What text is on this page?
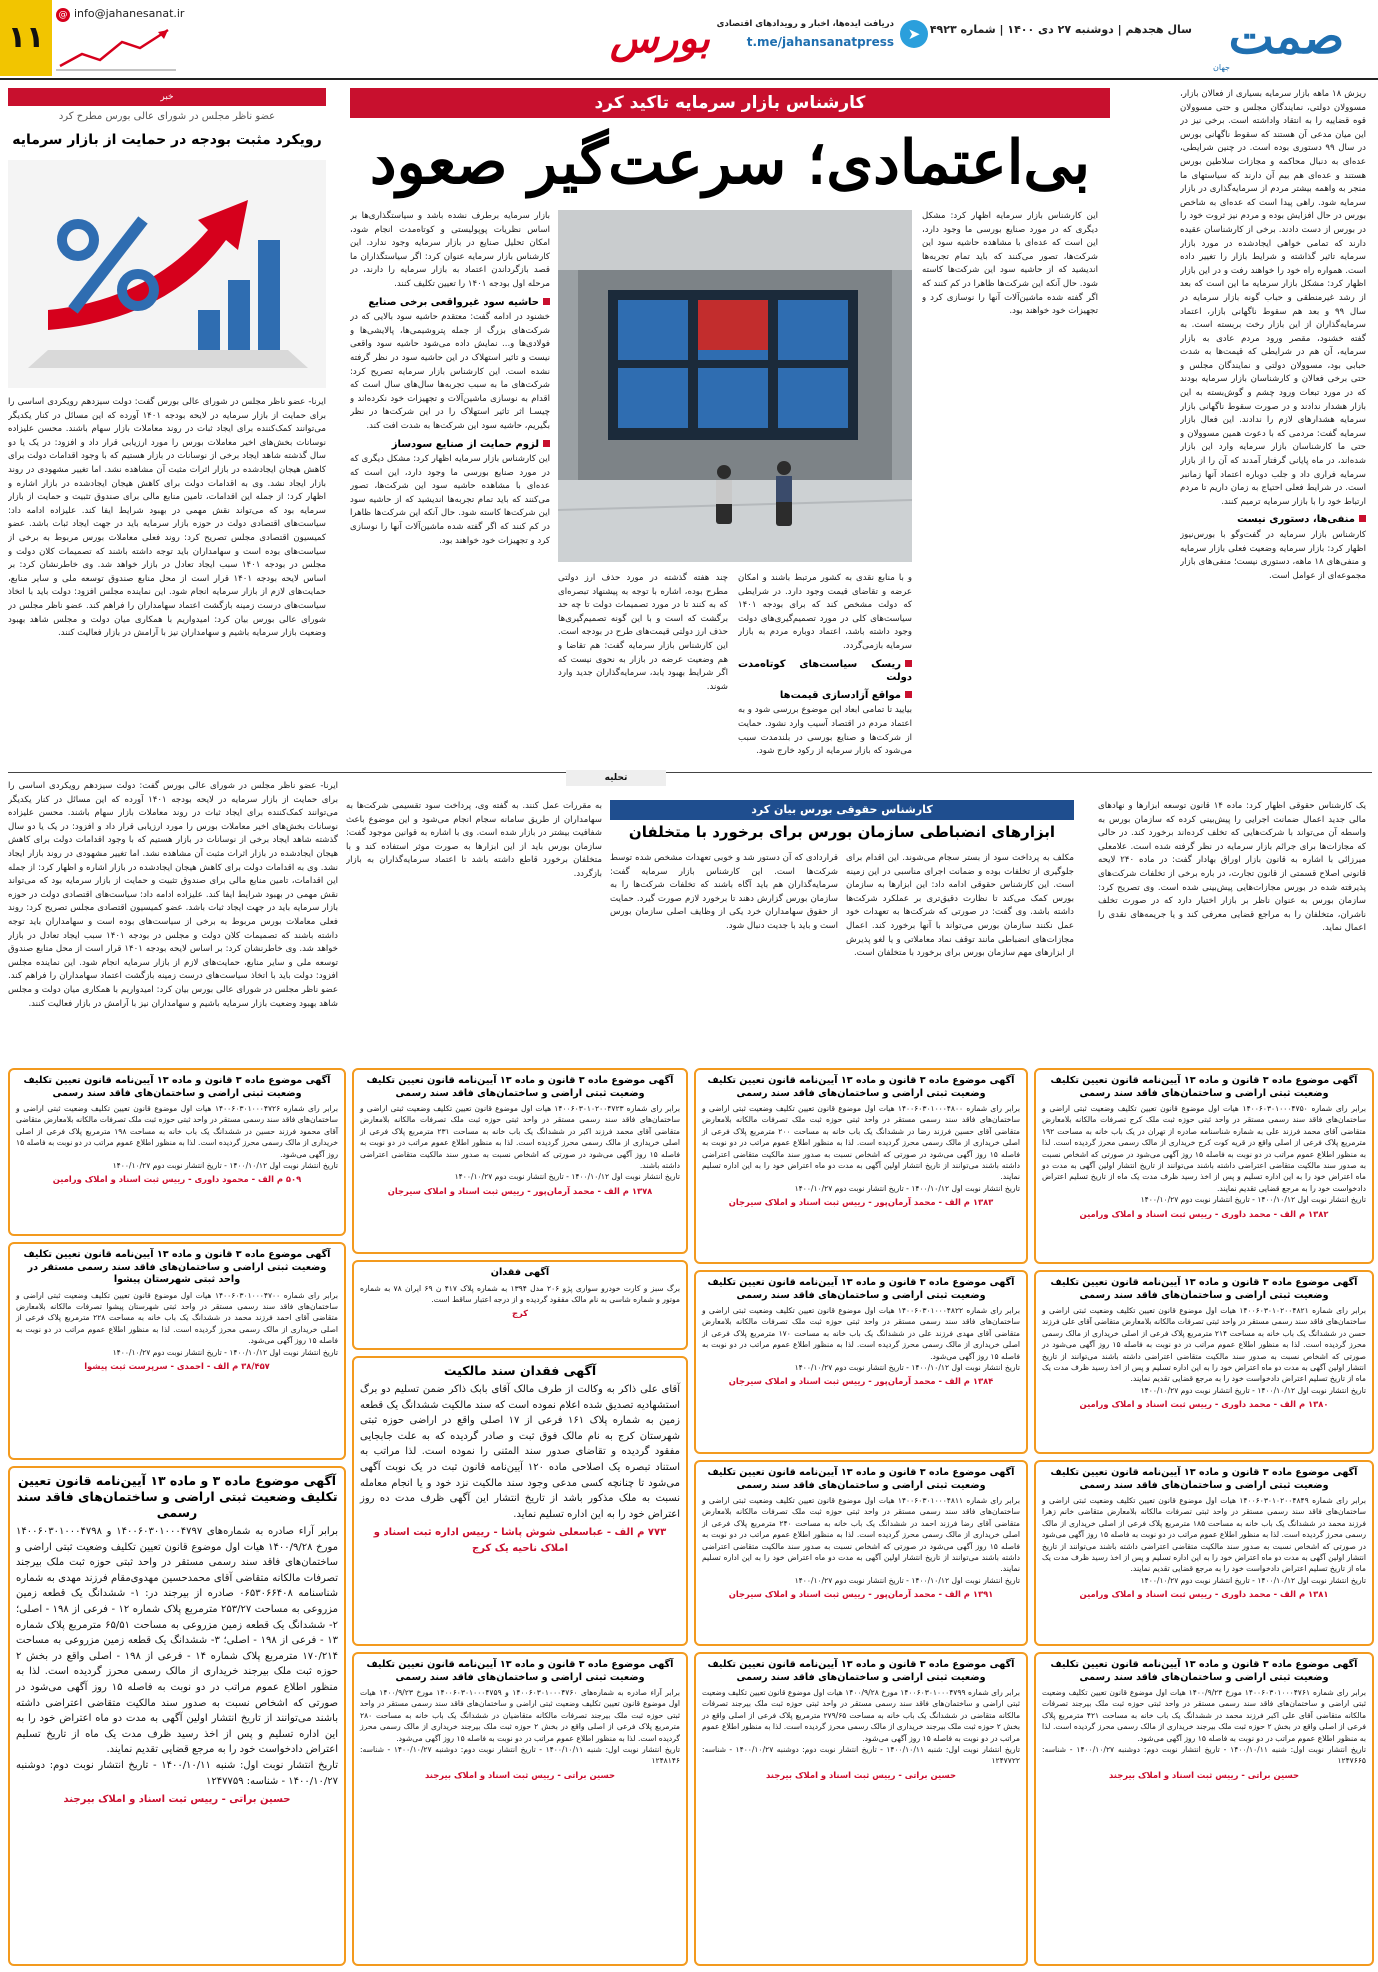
صمت
جهان
سال هجدهم | دوشنبه ۲۷ دی ۱۴۰۰ | شماره ۴۹۲۳
➤
دریافت ایده‌ها، اخبار و رویدادهای اقتصادی
t.me/jahansanatpress
بورس
@ info@jahanesanat.ir
۱۱
کارشناس بازار سرمایه تاکید کرد
بی‌اعتمادی؛ سرعت‌گیر صعود
ریزش ۱۸ ماهه بازار سرمایه بسیاری از فعالان بازار، مسوولان دولتی، نمایندگان مجلس و حتی مسوولان قوه قضاییه را به انتقاد واداشته است. برخی نیز در این میان مدعی آن هستند که سقوط ناگهانی بورس در سال ۹۹ دستوری بوده است. در چنین شرایطی، عده‌ای به دنبال محاکمه و مجازات سلاطین بورس هستند و عده‌ای هم بیم آن دارند که سیاستهای ما منجر به واهمه بیشتر مردم از سرمایه‌گذاری در بازار سرمایه شود. راهی پیدا است که عده‌ای به شاخص بورس در حال افزایش بوده و مردم نیز ثروت خود را در بورس از دست دادند. برخی از کارشناسان عقیده دارند که تمامی خواهی ایجادشده در مورد بازار سرمایه تاثیر گذاشته و شرایط بازار را تغییر داده است. همواره راه خود را خواهند رفت و در این بازار اظهار کرد: مشکل بازار سرمایه ما این است که بعد از رشد غیرمنطقی و حباب گونه بازار سرمایه در سال ۹۹ و بعد هم سقوط ناگهانی بازار، اعتماد سرمایه‌گذاران از این بازار رخت بربسته است. به گفته خشنود، مقصر ورود مردم عادی به بازار سرمایه، آن هم در شرایطی که قیمت‌ها به شدت حبابی بود، مسوولان دولتی و نمایندگان مجلس و حتی برخی فعالان و کارشناسان بازار سرمایه بودند که در مورد تبعات ورود چشم و گوش‌بسته به این بازار هشدار ندادند و در صورت سقوط ناگهانی بازار سرمایه هشدارهای لازم را ندادند. این فعال بازار سرمایه گفت: مردمی که با دعوت همین مسوولان و حتی ما کارشناسان بازار سرمایه وارد این بازار شده‌اند، در ماه پایانی گرفتار آمدند که آن را از بازار سرمایه فراری داد و جلب دوباره اعتماد آنها زمانبر است. در شرایط فعلی احتیاج به زمان داریم تا مردم ارتباط خود را با بازار سرمایه ترمیم کنند.
منفی‌ها، دستوری نیست
کارشناس بازار سرمایه در گفت‌وگو با بورس‌نیوز اظهار کرد: بازار سرمایه وضعیت فعلی بازار سرمایه و منفی‌های ۱۸ ماهه، دستوری نیست؛ منفی‌های بازار مجموعه‌ای از عوامل است.
بازار سرمایه برطرف نشده باشد و سیاستگذاری‌ها بر اساس نظریات پوپولیستی و کوتاه‌مدت انجام شود، امکان تحلیل صنایع در بازار سرمایه وجود ندارد. این کارشناس بازار سرمایه عنوان کرد: اگر سیاستگذاران ما قصد بازگرداندن اعتماد به بازار سرمایه را دارند، در مرحله اول بودجه ۱۴۰۱ را تعیین تکلیف کنند.
حاشیه سود غیرواقعی برخی صنایع
خشنود در ادامه گفت: معتقدم حاشیه سود بالایی که در شرکت‌های بزرگ از جمله پتروشیمی‌ها، پالایشی‌ها و فولادی‌ها و... نمایش داده می‌شود حاشیه سود واقعی نیست و تاثیر استهلاک در این حاشیه سود در نظر گرفته نشده است. این کارشناس بازار سرمایه تصریح کرد: شرکت‌های ما به سبب تجربه‌ها سال‌های سال است که اقدام به نوسازی ماشین‌آلات و تجهیزات خود نکرده‌اند و چیسـا اثر تاثیر استهلاک را در این شرکت‌ها در نظر بگیریم، حاشیه سود این شرکت‌ها به شدت افت کند.
لزوم حمایت از صنایع سودساز
این کارشناس بازار سرمایه اظهار کرد: مشکل دیگری که در مورد صنایع بورسی ما وجود دارد، این است که عده‌ای با مشاهده حاشیه سود این شرکت‌ها، تصور می‌کنند که باید تمام تجربه‌ها اندیشید که از حاشیه سود این شرکت‌ها کاسته شود. حال آنکه این شرکت‌ها ظاهرا در کم کنند که اگر گفته شده ماشین‌آلات آنها را نوسازی کرد و تجهیزات خود خواهند بود.
چند هفته گذشته در مورد حذف ارز دولتی مطرح بوده، اشاره با توجه به پیشنهاد تبصره‌ای که به کنند تا در مورد تصمیمات دولت تا چه حد برگشت که است و با این گونه تصمیم‌گیری‌ها حذف ارز دولتی قیمت‌های طرح در بودجه است. این کارشناس بازار سرمایه گفت: هم تقاضا و هم وضعیت عرضه در بازار به نحوی نیست که اگر شرایط بهبود یابد، سرمایه‌گذاران جدید وارد شوند.
و با منابع نقدی به کشور مرتبط باشند و امکان عرضه و تقاضای قیمت وجود دارد. در شرایطی که دولت مشخص کند که برای بودجه ۱۴۰۱ سیاست‌های کلی در مورد تصمیم‌گیری‌های دولت وجود داشته باشد، اعتماد دوباره مردم به بازار سرمایه بازمی‌گردد.
ریسک سیاست‌های کوتاه‌مدت دولت
مواقع آزادسازی قیمت‌ها
بیایید تا تمامی ابعاد این موضوع بررسی شود و به اعتماد مردم در اقتصاد آسیب وارد نشود. حمایت از شرکت‌ها و صنایع بورسی در بلندمدت سبب می‌شود که بازار سرمایه از رکود خارج شود.
این کارشناس بازار سرمایه اظهار کرد: مشکل دیگری که در مورد صنایع بورسی ما وجود دارد، این است که عده‌ای با مشاهده حاشیه سود این شرکت‌ها، تصور می‌کنند که باید تمام تجربه‌ها اندیشید که از حاشیه سود این شرکت‌ها کاسته شود. حال آنکه این شرکت‌ها ظاهرا در کم کنند که اگر گفته شده ماشین‌آلات آنها را نوسازی کرد و تجهیزات خود خواهند بود.
خبر
عضو ناظر مجلس در شورای عالی بورس مطرح کرد
رویکرد مثبت بودجه در حمایت از بازار سرمایه
ایرنا- عضو ناظر مجلس در شورای عالی بورس گفت: دولت سیزدهم رویکردی اساسی را برای حمایت از بازار سرمایه در لایحه بودجه ۱۴۰۱ آورده که این مسائل در کنار یکدیگر می‌توانند کمک‌کننده برای ایجاد ثبات در روند معاملات بازار سهام باشند. محسن علیزاده نوسانات بخش‌های اخیر معاملات بورس را مورد ارزیابی قرار داد و افزود: در یک یا دو سال گذشته شاهد ایجاد برخی از نوسانات در بازار هستیم که با وجود اقدامات دولت برای کاهش هیجان ایجادشده در بازار اثرات مثبت آن مشاهده نشد. اما تغییر مشهودی در روند بازار ایجاد نشد. وی به اقدامات دولت برای کاهش هیجان ایجادشده در بازار اشاره و اظهار کرد: از جمله این اقدامات، تامین منابع مالی برای صندوق تثبیت و حمایت از بازار سرمایه بود که می‌تواند نقش مهمی در بهبود شرایط ایفا کند. علیزاده ادامه داد: سیاست‌های اقتصادی دولت در حوزه بازار سرمایه باید در جهت ایجاد ثبات باشد. عضو کمیسیون اقتصادی مجلس تصریح کرد: روند فعلی معاملات بورس مربوط به برخی از سیاست‌های بوده است و سهامداران باید توجه داشته باشند که تصمیمات کلان دولت و مجلس در بودجه ۱۴۰۱ سبب ایجاد تعادل در بازار خواهد شد. وی خاطرنشان کرد: بر اساس لایحه بودجه ۱۴۰۱ قرار است از محل منابع صندوق توسعه ملی و سایر منابع، حمایت‌های لازم از بازار سرمایه انجام شود. این نماینده مجلس افزود: دولت باید با اتخاذ سیاست‌های درست زمینه بازگشت اعتماد سهامداران را فراهم کند. عضو ناظر مجلس در شورای عالی بورس بیان کرد: امیدواریم با همکاری میان دولت و مجلس شاهد بهبود وضعیت بازار سرمایه باشیم و سهامداران نیز با آرامش در بازار فعالیت کنند.
تحلیه
کارشناس حقوقی بورس بیان کرد
ابزارهای انضباطی سازمان بورس برای برخورد با متخلفان
یک کارشناس حقوقی اظهار کرد: ماده ۱۴ قانون توسعه ابزارها و نهادهای مالی جدید اعمال ضمانت اجرایی را پیش‌بینی کرده که سازمان بورس به واسطه آن می‌تواند با شرکت‌هایی که تخلف کرده‌اند برخورد کند. در حالی که مجازات‌ها برای جرائم بازار سرمایه در نظر گرفته شده است. علامعلی میرزائی با اشاره به قانون بازار اوراق بهادار گفت: در ماده ۲۴۰ لایحه قانونی اصلاح قسمتی از قانون تجارت، در باره برخی از تخلفات شرکت‌های پذیرفته شده در بورس مجازات‌هایی پیش‌بینی شده است. وی تصریح کرد: سازمان بورس به عنوان ناظر بر بازار اختیار دارد که در صورت تخلف ناشران، متخلفان را به مراجع قضایی معرفی کند و یا جریمه‌های نقدی را اعمال نماید.
مکلف به پرداخت سود از بستر سجام می‌شوند. این اقدام برای جلوگیری از تخلفات بوده و ضمانت اجرای مناسبی در این زمینه است. این کارشناس حقوقی ادامه داد: این ابزارها به سازمان بورس کمک می‌کند تا نظارت دقیق‌تری بر عملکرد شرکت‌ها داشته باشد. وی گفت: در صورتی که شرکت‌ها به تعهدات خود عمل نکنند سازمان بورس می‌تواند با آنها برخورد کند. اعمال مجازات‌های انضباطی مانند توقف نماد معاملاتی و یا لغو پذیرش از ابزارهای مهم سازمان بورس برای برخورد با متخلفان است.
قراردادی که آن دستور شد و خوبی تعهدات مشخص شده توسط شرکت‌ها است. این کارشناس بازار سرمایه گفت: سرمایه‌گذاران هم باید آگاه باشند که تخلفات شرکت‌ها را به سازمان بورس گزارش دهند تا برخورد لازم صورت گیرد. حمایت از حقوق سهامداران خرد یکی از وظایف اصلی سازمان بورس است و باید با جدیت دنبال شود.
به مقررات عمل کنند. به گفته وی، پرداخت سود تقسیمی شرکت‌ها به سهامداران از طریق سامانه سجام انجام می‌شود و این موضوع باعث شفافیت بیشتر در بازار شده است. وی با اشاره به قوانین موجود گفت: سازمان بورس باید از این ابزارها به صورت موثر استفاده کند و با متخلفان برخورد قاطع داشته باشد تا اعتماد سرمایه‌گذاران به بازار بازگردد.
ایرنا- عضو ناظر مجلس در شورای عالی بورس گفت: دولت سیزدهم رویکردی اساسی را برای حمایت از بازار سرمایه در لایحه بودجه ۱۴۰۱ آورده که این مسائل در کنار یکدیگر می‌توانند کمک‌کننده برای ایجاد ثبات در روند معاملات بازار سهام باشند. محسن علیزاده نوسانات بخش‌های اخیر معاملات بورس را مورد ارزیابی قرار داد و افزود: در یک یا دو سال گذشته شاهد ایجاد برخی از نوسانات در بازار هستیم که با وجود اقدامات دولت برای کاهش هیجان ایجادشده در بازار اثرات مثبت آن مشاهده نشد. اما تغییر مشهودی در روند بازار ایجاد نشد. وی به اقدامات دولت برای کاهش هیجان ایجادشده در بازار اشاره و اظهار کرد: از جمله این اقدامات، تامین منابع مالی برای صندوق تثبیت و حمایت از بازار سرمایه بود که می‌تواند نقش مهمی در بهبود شرایط ایفا کند. علیزاده ادامه داد: سیاست‌های اقتصادی دولت در حوزه بازار سرمایه باید در جهت ایجاد ثبات باشد. عضو کمیسیون اقتصادی مجلس تصریح کرد: روند فعلی معاملات بورس مربوط به برخی از سیاست‌های بوده است و سهامداران باید توجه داشته باشند که تصمیمات کلان دولت و مجلس در بودجه ۱۴۰۱ سبب ایجاد تعادل در بازار خواهد شد. وی خاطرنشان کرد: بر اساس لایحه بودجه ۱۴۰۱ قرار است از محل منابع صندوق توسعه ملی و سایر منابع، حمایت‌های لازم از بازار سرمایه انجام شود. این نماینده مجلس افزود: دولت باید با اتخاذ سیاست‌های درست زمینه بازگشت اعتماد سهامداران را فراهم کند. عضو ناظر مجلس در شورای عالی بورس بیان کرد: امیدواریم با همکاری میان دولت و مجلس شاهد بهبود وضعیت بازار سرمایه باشیم و سهامداران نیز با آرامش در بازار فعالیت کنند.
آگهی موضوع ماده ۳ قانون و ماده ۱۳ آیین‌نامه قانون تعیین تکلیف وضعیت ثبتی اراضی و ساختمان‌های فاقد سند رسمی
برابر رای شماره ۱۴۰۰۶۰۳۰۱۰۰۰۴۷۵۰ هیات اول موضوع قانون تعیین تکلیف وضعیت ثبتی اراضی و ساختمان‌های فاقد سند رسمی مستقر در واحد ثبتی حوزه ثبت ملک کرج تصرفات مالکانه بلامعارض متقاضی آقای محمد فرزند علی به شماره شناسنامه صادره از تهران در یک باب خانه به مساحت ۱۹۲ مترمربع پلاک فرعی از اصلی واقع در قریه کوت کرج خریداری از مالک رسمی محرز گردیده است. لذا به منظور اطلاع عموم مراتب در دو نوبت به فاصله ۱۵ روز آگهی می‌شود در صورتی که اشخاص نسبت به صدور سند مالکیت متقاضی اعتراضی داشته باشند می‌توانند از تاریخ انتشار اولین آگهی به مدت دو ماه اعتراض خود را به این اداره تسلیم و پس از اخذ رسید ظرف مدت یک ماه از تاریخ تسلیم اعتراض دادخواست خود را به مرجع قضایی تقدیم نمایند.
تاریخ انتشار نوبت اول ۱۴۰۰/۱۰/۱۲ - تاریخ انتشار نوبت دوم ۱۴۰۰/۱۰/۲۷
۱۳۸۲ م الف - محمد داوری - رییس ثبت اسناد و املاک ورامین
آگهی موضوع ماده ۳ قانون و ماده ۱۳ آیین‌نامه قانون تعیین تکلیف وضعیت ثبتی اراضی و ساختمان‌های فاقد سند رسمی
برابر رای شماره ۱۴۰۰۶۰۳۰۱۰۲۰۰۴۸۲۱ هیات اول موضوع قانون تعیین تکلیف وضعیت ثبتی اراضی و ساختمان‌های فاقد سند رسمی مستقر در واحد ثبتی تصرفات مالکانه بلامعارض متقاضی آقای علی فرزند حسن در ششدانگ یک باب خانه به مساحت ۲۱۴ مترمربع پلاک فرعی از اصلی خریداری از مالک رسمی محرز گردیده است. لذا به منظور اطلاع عموم مراتب در دو نوبت به فاصله ۱۵ روز آگهی می‌شود در صورتی که اشخاص نسبت به صدور سند مالکیت متقاضی اعتراضی داشته باشند می‌توانند از تاریخ انتشار اولین آگهی به مدت دو ماه اعتراض خود را به این اداره تسلیم و پس از اخذ رسید ظرف مدت یک ماه از تاریخ تسلیم اعتراض دادخواست خود را به مرجع قضایی تقدیم نمایند.
تاریخ انتشار نوبت اول ۱۴۰۰/۱۰/۱۲ - تاریخ انتشار نوبت دوم ۱۴۰۰/۱۰/۲۷
۱۳۸۰ م الف - محمد داوری - رییس ثبت اسناد و املاک ورامین
آگهی موضوع ماده ۳ قانون و ماده ۱۳ آیین‌نامه قانون تعیین تکلیف وضعیت ثبتی اراضی و ساختمان‌های فاقد سند رسمی
برابر رای شماره ۱۴۰۰۶۰۳۰۱۰۲۰۰۴۸۴۹ هیات اول موضوع قانون تعیین تکلیف وضعیت ثبتی اراضی و ساختمان‌های فاقد سند رسمی مستقر در واحد ثبتی تصرفات مالکانه بلامعارض متقاضی خانم زهرا فرزند محمد در ششدانگ یک باب خانه به مساحت ۱۸۵ مترمربع پلاک فرعی از اصلی خریداری از مالک رسمی محرز گردیده است. لذا به منظور اطلاع عموم مراتب در دو نوبت به فاصله ۱۵ روز آگهی می‌شود در صورتی که اشخاص نسبت به صدور سند مالکیت متقاضی اعتراضی داشته باشند می‌توانند از تاریخ انتشار اولین آگهی به مدت دو ماه اعتراض خود را به این اداره تسلیم و پس از اخذ رسید ظرف مدت یک ماه از تاریخ تسلیم اعتراض دادخواست خود را به مرجع قضایی تقدیم نمایند.
تاریخ انتشار نوبت اول ۱۴۰۰/۱۰/۱۲ - تاریخ انتشار نوبت دوم ۱۴۰۰/۱۰/۲۷
۱۳۸۱ م الف - محمد داوری - رییس ثبت اسناد و املاک ورامین
آگهی موضوع ماده ۳ قانون و ماده ۱۳ آیین‌نامه قانون تعیین تکلیف وضعیت ثبتی اراضی و ساختمان‌های فاقد سند رسمی
برابر رای شماره ۱۴۰۰۶۰۳۰۱۰۰۰۴۸۰۰ هیات اول موضوع قانون تعیین تکلیف وضعیت ثبتی اراضی و ساختمان‌های فاقد سند رسمی مستقر در واحد ثبتی حوزه ثبت ملک تصرفات مالکانه بلامعارض متقاضی آقای حسین فرزند رضا در ششدانگ یک باب خانه به مساحت ۲۰۰ مترمربع پلاک فرعی از اصلی خریداری از مالک رسمی محرز گردیده است. لذا به منظور اطلاع عموم مراتب در دو نوبت به فاصله ۱۵ روز آگهی می‌شود در صورتی که اشخاص نسبت به صدور سند مالکیت متقاضی اعتراضی داشته باشند می‌توانند از تاریخ انتشار اولین آگهی به مدت دو ماه اعتراض خود را به این اداره تسلیم نمایند.
تاریخ انتشار نوبت اول ۱۴۰۰/۱۰/۱۲ - تاریخ انتشار نوبت دوم ۱۴۰۰/۱۰/۲۷
۱۳۸۳ م الف - محمد آرمان‌پور - رییس ثبت اسناد و املاک سیرجان
آگهی موضوع ماده ۳ قانون و ماده ۱۳ آیین‌نامه قانون تعیین تکلیف وضعیت ثبتی اراضی و ساختمان‌های فاقد سند رسمی
برابر رای شماره ۱۴۰۰۶۰۳۰۱۰۰۰۴۸۲۲ هیات اول موضوع قانون تعیین تکلیف وضعیت ثبتی اراضی و ساختمان‌های فاقد سند رسمی مستقر در واحد ثبتی حوزه ثبت ملک تصرفات مالکانه بلامعارض متقاضی آقای مهدی فرزند علی در ششدانگ یک باب خانه به مساحت ۱۷۰ مترمربع پلاک فرعی از اصلی خریداری از مالک رسمی محرز گردیده است. لذا به منظور اطلاع عموم مراتب در دو نوبت به فاصله ۱۵ روز آگهی می‌شود.
تاریخ انتشار نوبت اول ۱۴۰۰/۱۰/۱۲ - تاریخ انتشار نوبت دوم ۱۴۰۰/۱۰/۲۷
۱۳۸۴ م الف - محمد آرمان‌پور - رییس ثبت اسناد و املاک سیرجان
آگهی موضوع ماده ۳ قانون و ماده ۱۳ آیین‌نامه قانون تعیین تکلیف وضعیت ثبتی اراضی و ساختمان‌های فاقد سند رسمی
برابر رای شماره ۱۴۰۰۶۰۳۰۱۰۰۰۴۸۱۱ هیات اول موضوع قانون تعیین تکلیف وضعیت ثبتی اراضی و ساختمان‌های فاقد سند رسمی مستقر در واحد ثبتی حوزه ثبت ملک تصرفات مالکانه بلامعارض متقاضی آقای رضا فرزند احمد در ششدانگ یک باب خانه به مساحت ۲۴۰ مترمربع پلاک فرعی از اصلی خریداری از مالک رسمی محرز گردیده است. لذا به منظور اطلاع عموم مراتب در دو نوبت به فاصله ۱۵ روز آگهی می‌شود در صورتی که اشخاص نسبت به صدور سند مالکیت متقاضی اعتراضی داشته باشند می‌توانند از تاریخ انتشار اولین آگهی به مدت دو ماه اعتراض خود را به این اداره تسلیم نمایند.
تاریخ انتشار نوبت اول ۱۴۰۰/۱۰/۱۲ - تاریخ انتشار نوبت دوم ۱۴۰۰/۱۰/۲۷
۱۳۹۱ م الف - محمد آرمان‌پور - رییس ثبت اسناد و املاک سیرجان
آگهی موضوع ماده ۳ قانون و ماده ۱۳ آیین‌نامه قانون تعیین تکلیف وضعیت ثبتی اراضی و ساختمان‌های فاقد سند رسمی
برابر رای شماره ۱۴۰۰۶۰۳۰۱۰۲۰۰۴۷۲۳ هیات اول موضوع قانون تعیین تکلیف وضعیت ثبتی اراضی و ساختمان‌های فاقد سند رسمی مستقر در واحد ثبتی حوزه ثبت ملک تصرفات مالکانه بلامعارض متقاضی آقای محمد فرزند اکبر در ششدانگ یک باب خانه به مساحت ۲۳۱ مترمربع پلاک فرعی از اصلی خریداری از مالک رسمی محرز گردیده است. لذا به منظور اطلاع عموم مراتب در دو نوبت به فاصله ۱۵ روز آگهی می‌شود در صورتی که اشخاص نسبت به صدور سند مالکیت متقاضی اعتراضی داشته باشند.
تاریخ انتشار نوبت اول ۱۴۰۰/۱۰/۱۲ - تاریخ انتشار نوبت دوم ۱۴۰۰/۱۰/۲۷
۱۳۷۸ م الف - محمد آرمان‌پور - رییس ثبت اسناد و املاک سیرجان
آگهی فقدان
برگ سبز و کارت خودرو سواری پژو ۲۰۶ مدل ۱۳۹۴ به شماره پلاک ۴۱۷ ن ۶۹ ایران ۷۸ به شماره موتور و شماره شاسی به نام مالک مفقود گردیده و از درجه اعتبار ساقط است.
کرج
آگهی فقدان سند مالکیت
آقای علی ذاکر به وکالت از طرف مالک آقای بابک ذاکر ضمن تسلیم دو برگ استشهادیه تصدیق شده اعلام نموده است که سند مالکیت ششدانگ یک قطعه زمین به شماره پلاک ۱۶۱ فرعی از ۱۷ اصلی واقع در اراضی حوزه ثبتی شهرستان کرج به نام مالک فوق ثبت و صادر گردیده که به علت جابجایی مفقود گردیده و تقاضای صدور سند المثنی را نموده است. لذا مراتب به استناد تبصره یک اصلاحی ماده ۱۲۰ آیین‌نامه قانون ثبت در یک نوبت آگهی می‌شود تا چنانچه کسی مدعی وجود سند مالکیت نزد خود و یا انجام معامله نسبت به ملک مذکور باشد از تاریخ انتشار این آگهی ظرف مدت ده روز اعتراض خود را به این اداره تسلیم نماید.
۷۷۳ م الف - عباسعلی شوش پاشا - رییس اداره ثبت اسناد و املاک ناحیه یک کرج
آگهی موضوع ماده ۳ قانون و ماده ۱۳ آیین‌نامه قانون تعیین تکلیف وضعیت ثبتی اراضی و ساختمان‌های فاقد سند رسمی
برابر رای شماره ۱۴۰۰۶۰۳۰۱۰۰۰۴۷۲۶ هیات اول موضوع قانون تعیین تکلیف وضعیت ثبتی اراضی و ساختمان‌های فاقد سند رسمی مستقر در واحد ثبتی حوزه ثبت ملک تصرفات مالکانه بلامعارض متقاضی آقای محمود فرزند حسین در ششدانگ یک باب خانه به مساحت ۱۹۸ مترمربع پلاک فرعی از اصلی خریداری از مالک رسمی محرز گردیده است. لذا به منظور اطلاع عموم مراتب در دو نوبت به فاصله ۱۵ روز آگهی می‌شود.
تاریخ انتشار نوبت اول ۱۴۰۰/۱۰/۱۲ - تاریخ انتشار نوبت دوم ۱۴۰۰/۱۰/۲۷
۵۰۹ م الف - محمود داوری - رییس ثبت اسناد و املاک ورامین
آگهی موضوع ماده ۳ قانون و ماده ۱۳ آیین‌نامه قانون تعیین تکلیف وضعیت ثبتی اراضی و ساختمان‌های فاقد سند رسمی مستقر در واحد ثبتی شهرستان پیشوا
برابر رای شماره ۱۴۰۰۶۰۳۰۱۰۰۰۴۷۰۰ هیات اول موضوع قانون تعیین تکلیف وضعیت ثبتی اراضی و ساختمان‌های فاقد سند رسمی مستقر در واحد ثبتی شهرستان پیشوا تصرفات مالکانه بلامعارض متقاضی آقای احمد فرزند محمد در ششدانگ یک باب خانه به مساحت ۲۲۸ مترمربع پلاک فرعی از اصلی خریداری از مالک رسمی محرز گردیده است. لذا به منظور اطلاع عموم مراتب در دو نوبت به فاصله ۱۵ روز آگهی می‌شود.
تاریخ انتشار نوبت اول ۱۴۰۰/۱۰/۱۲ - تاریخ انتشار نوبت دوم ۱۴۰۰/۱۰/۲۷
۳۸/۴۵۷ م الف - احمدی - سرپرست ثبت پیشوا
آگهی موضوع ماده ۳ و ماده ۱۳ آیین‌نامه قانون تعیین تکلیف وضعیت ثبتی اراضی و ساختمان‌های فاقد سند رسمی
برابر آراء صادره به شماره‌های ۱۴۰۰۶۰۳۰۱۰۰۰۴۷۹۷ و ۱۴۰۰۶۰۳۰۱۰۰۰۴۷۹۸ مورخ ۱۴۰۰/۹/۲۸ هیات اول موضوع قانون تعیین تکلیف وضعیت ثبتی اراضی و ساختمان‌های فاقد سند رسمی مستقر در واحد ثبتی حوزه ثبت ملک بیرجند تصرفات مالکانه متقاضی آقای محمدحسین مهدوی‌مقام فرزند مهدی به شماره شناسنامه ۰۶۵۳۰۶۶۴۰۸ صادره از بیرجند در: ۱- ششدانگ یک قطعه زمین مزروعی به مساحت ۲۵۳/۲۷ مترمربع پلاک شماره ۱۲ - فرعی از ۱۹۸ - اصلی؛ ۲- ششدانگ یک قطعه زمین مزروعی به مساحت ۶۵/۵۱ مترمربع پلاک شماره ۱۳ - فرعی از ۱۹۸ - اصلی؛ ۳- ششدانگ یک قطعه زمین مزروعی به مساحت ۱۷۰/۲۱۴ مترمربع پلاک شماره ۱۴ - فرعی از ۱۹۸ - اصلی واقع در بخش ۲ حوزه ثبت ملک بیرجند خریداری از مالک رسمی محرز گردیده است. لذا به منظور اطلاع عموم مراتب در دو نوبت به فاصله ۱۵ روز آگهی می‌شود در صورتی که اشخاص نسبت به صدور سند مالکیت متقاضی اعتراضی داشته باشند می‌توانند از تاریخ انتشار اولین آگهی به مدت دو ماه اعتراض خود را به این اداره تسلیم و پس از اخذ رسید ظرف مدت یک ماه از تاریخ تسلیم اعتراض دادخواست خود را به مرجع قضایی تقدیم نمایند.
تاریخ انتشار نوبت اول: شنبه ۱۴۰۰/۱۰/۱۱ - تاریخ انتشار نوبت دوم: دوشنبه ۱۴۰۰/۱۰/۲۷ - شناسه: ۱۲۴۷۷۵۹
حسین براتی - رییس ثبت اسناد و املاک بیرجند
آگهی موضوع ماده ۳ قانون و ماده ۱۳ آیین‌نامه قانون تعیین تکلیف وضعیت ثبتی اراضی و ساختمان‌های فاقد سند رسمی
برابر آراء صادره به شماره‌های ۱۴۰۰۶۰۳۰۱۰۰۰۴۷۶۰ و ۱۴۰۰۶۰۳۰۱۰۰۰۴۷۵۹ مورخ ۱۴۰۰/۹/۲۳ هیات اول موضوع قانون تعیین تکلیف وضعیت ثبتی اراضی و ساختمان‌های فاقد سند رسمی مستقر در واحد ثبتی حوزه ثبت ملک بیرجند تصرفات مالکانه متقاضیان در ششدانگ یک باب خانه به مساحت ۲۸۰ مترمربع پلاک فرعی از اصلی واقع در بخش ۲ حوزه ثبت ملک بیرجند خریداری از مالک رسمی محرز گردیده است. لذا به منظور اطلاع عموم مراتب در دو نوبت به فاصله ۱۵ روز آگهی می‌شود.
تاریخ انتشار نوبت اول: شنبه ۱۴۰۰/۱۰/۱۱ - تاریخ انتشار نوبت دوم: دوشنبه ۱۴۰۰/۱۰/۲۷ - شناسه: ۱۲۴۸۱۴۶
حسین براتی - رییس ثبت اسناد و املاک بیرجند
آگهی موضوع ماده ۳ قانون و ماده ۱۳ آیین‌نامه قانون تعیین تکلیف وضعیت ثبتی اراضی و ساختمان‌های فاقد سند رسمی
برابر رای شماره ۱۴۰۰۶۰۳۰۱۰۰۰۴۷۹۹ مورخ ۱۴۰۰/۹/۲۸ هیات اول موضوع قانون تعیین تکلیف وضعیت ثبتی اراضی و ساختمان‌های فاقد سند رسمی مستقر در واحد ثبتی حوزه ثبت ملک بیرجند تصرفات مالکانه متقاضی در ششدانگ یک باب خانه به مساحت ۲۷۹/۶۵ مترمربع پلاک فرعی از اصلی واقع در بخش ۲ حوزه ثبت ملک بیرجند خریداری از مالک رسمی محرز گردیده است. لذا به منظور اطلاع عموم مراتب در دو نوبت به فاصله ۱۵ روز آگهی می‌شود.
تاریخ انتشار نوبت اول: شنبه ۱۴۰۰/۱۰/۱۱ - تاریخ انتشار نوبت دوم: دوشنبه ۱۴۰۰/۱۰/۲۷ - شناسه: ۱۲۴۷۷۲۲
حسین براتی - رییس ثبت اسناد و املاک بیرجند
آگهی موضوع ماده ۳ قانون و ماده ۱۳ آیین‌نامه قانون تعیین تکلیف وضعیت ثبتی اراضی و ساختمان‌های فاقد سند رسمی
برابر رای شماره ۱۴۰۰۶۰۳۰۱۰۰۰۴۷۶۱ مورخ ۱۴۰۰/۹/۲۳ هیات اول موضوع قانون تعیین تکلیف وضعیت ثبتی اراضی و ساختمان‌های فاقد سند رسمی مستقر در واحد ثبتی حوزه ثبت ملک بیرجند تصرفات مالکانه متقاضی آقای علی اکبر فرزند محمد در ششدانگ یک باب خانه به مساحت ۴۲۱ مترمربع پلاک فرعی از اصلی واقع در بخش ۲ حوزه ثبت ملک بیرجند خریداری از مالک رسمی محرز گردیده است. لذا به منظور اطلاع عموم مراتب در دو نوبت به فاصله ۱۵ روز آگهی می‌شود.
تاریخ انتشار نوبت اول: شنبه ۱۴۰۰/۱۰/۱۱ - تاریخ انتشار نوبت دوم: دوشنبه ۱۴۰۰/۱۰/۲۷ - شناسه: ۱۲۴۷۶۶۵
حسین براتی - رییس ثبت اسناد و املاک بیرجند
